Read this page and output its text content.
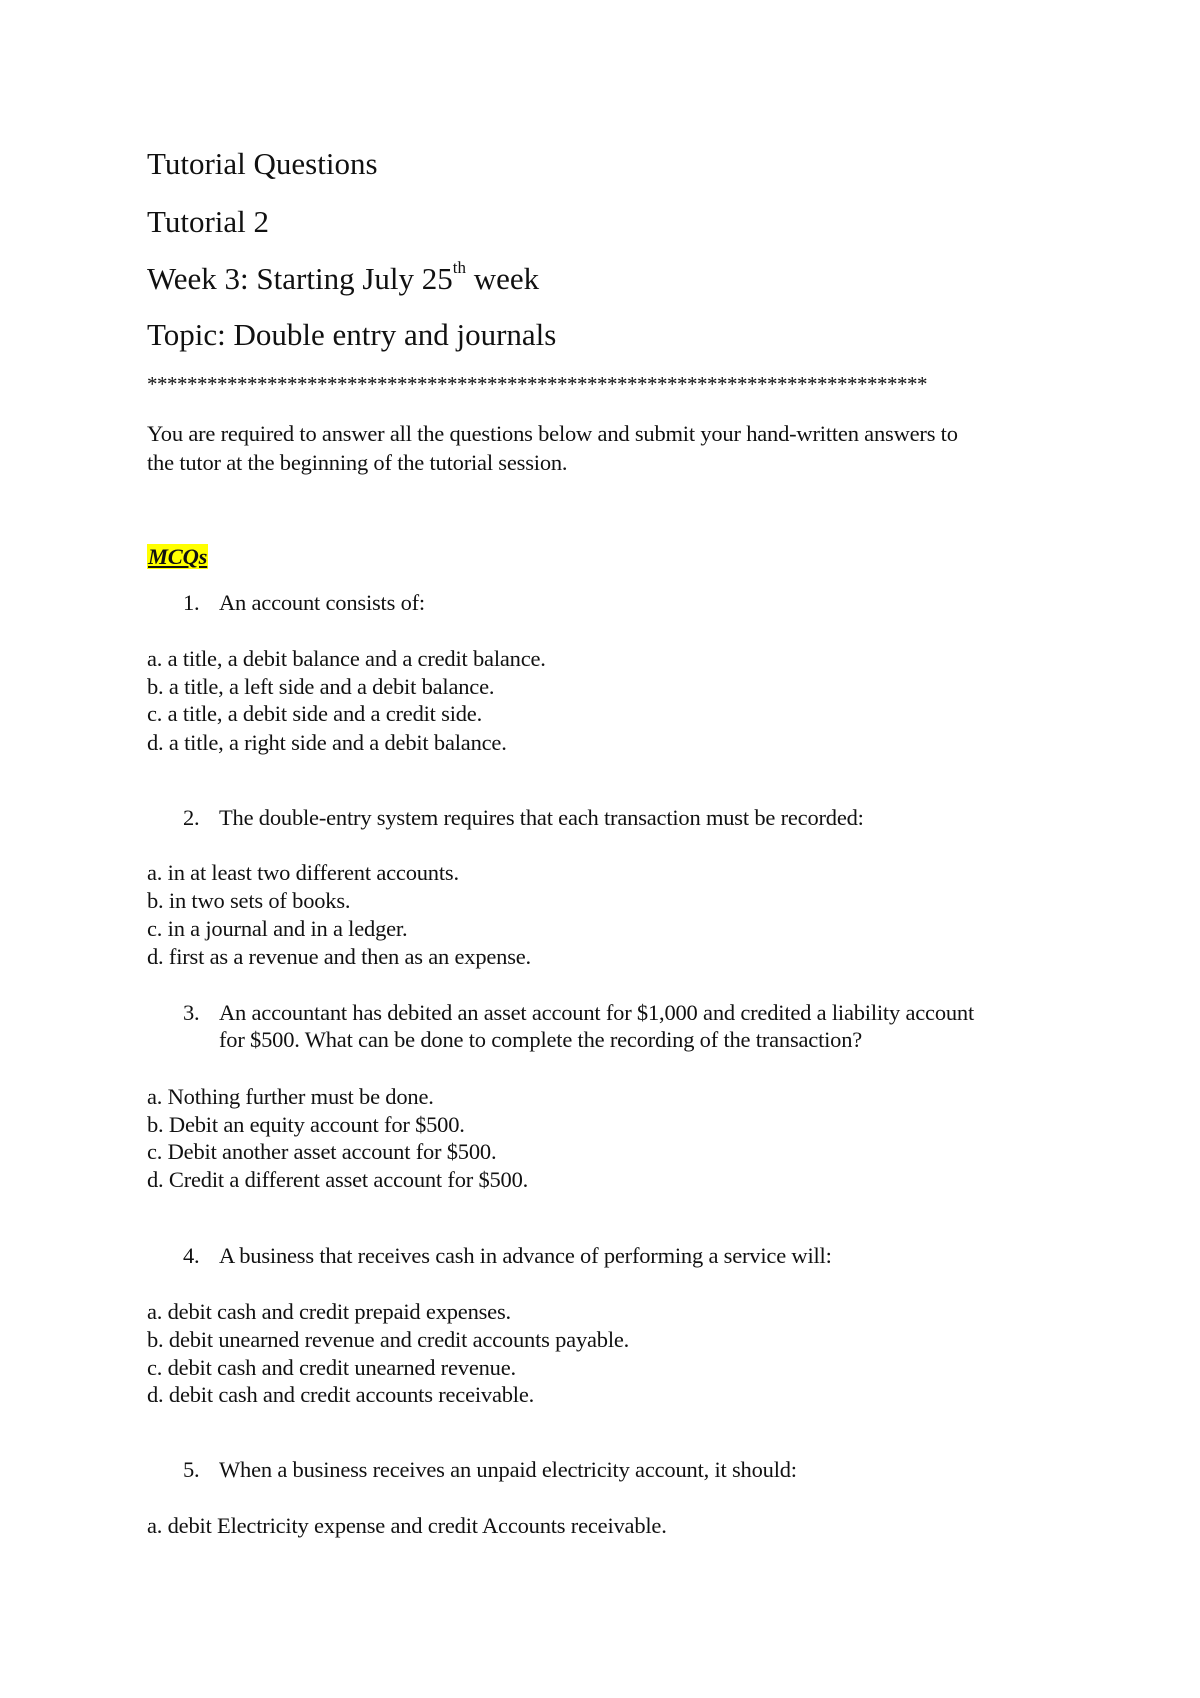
Tutorial Questions
Tutorial 2
Week 3: Starting July 25th week
Topic: Double entry and journals
******************************************************************************
You are required to answer all the questions below and submit your hand-written answers to
the tutor at the beginning of the tutorial session.
MCQs
1. An account consists of:
a. a title, a debit balance and a credit balance.
b. a title, a left side and a debit balance.
c. a title, a debit side and a credit side.
d. a title, a right side and a debit balance.
2. The double-entry system requires that each transaction must be recorded:
a. in at least two different accounts.
b. in two sets of books.
c. in a journal and in a ledger.
d. first as a revenue and then as an expense.
3. An accountant has debited an asset account for $1,000 and credited a liability account
for $500. What can be done to complete the recording of the transaction?
a. Nothing further must be done.
b. Debit an equity account for $500.
c. Debit another asset account for $500.
d. Credit a different asset account for $500.
4. A business that receives cash in advance of performing a service will:
a. debit cash and credit prepaid expenses.
b. debit unearned revenue and credit accounts payable.
c. debit cash and credit unearned revenue.
d. debit cash and credit accounts receivable.
5. When a business receives an unpaid electricity account, it should:
a. debit Electricity expense and credit Accounts receivable.
